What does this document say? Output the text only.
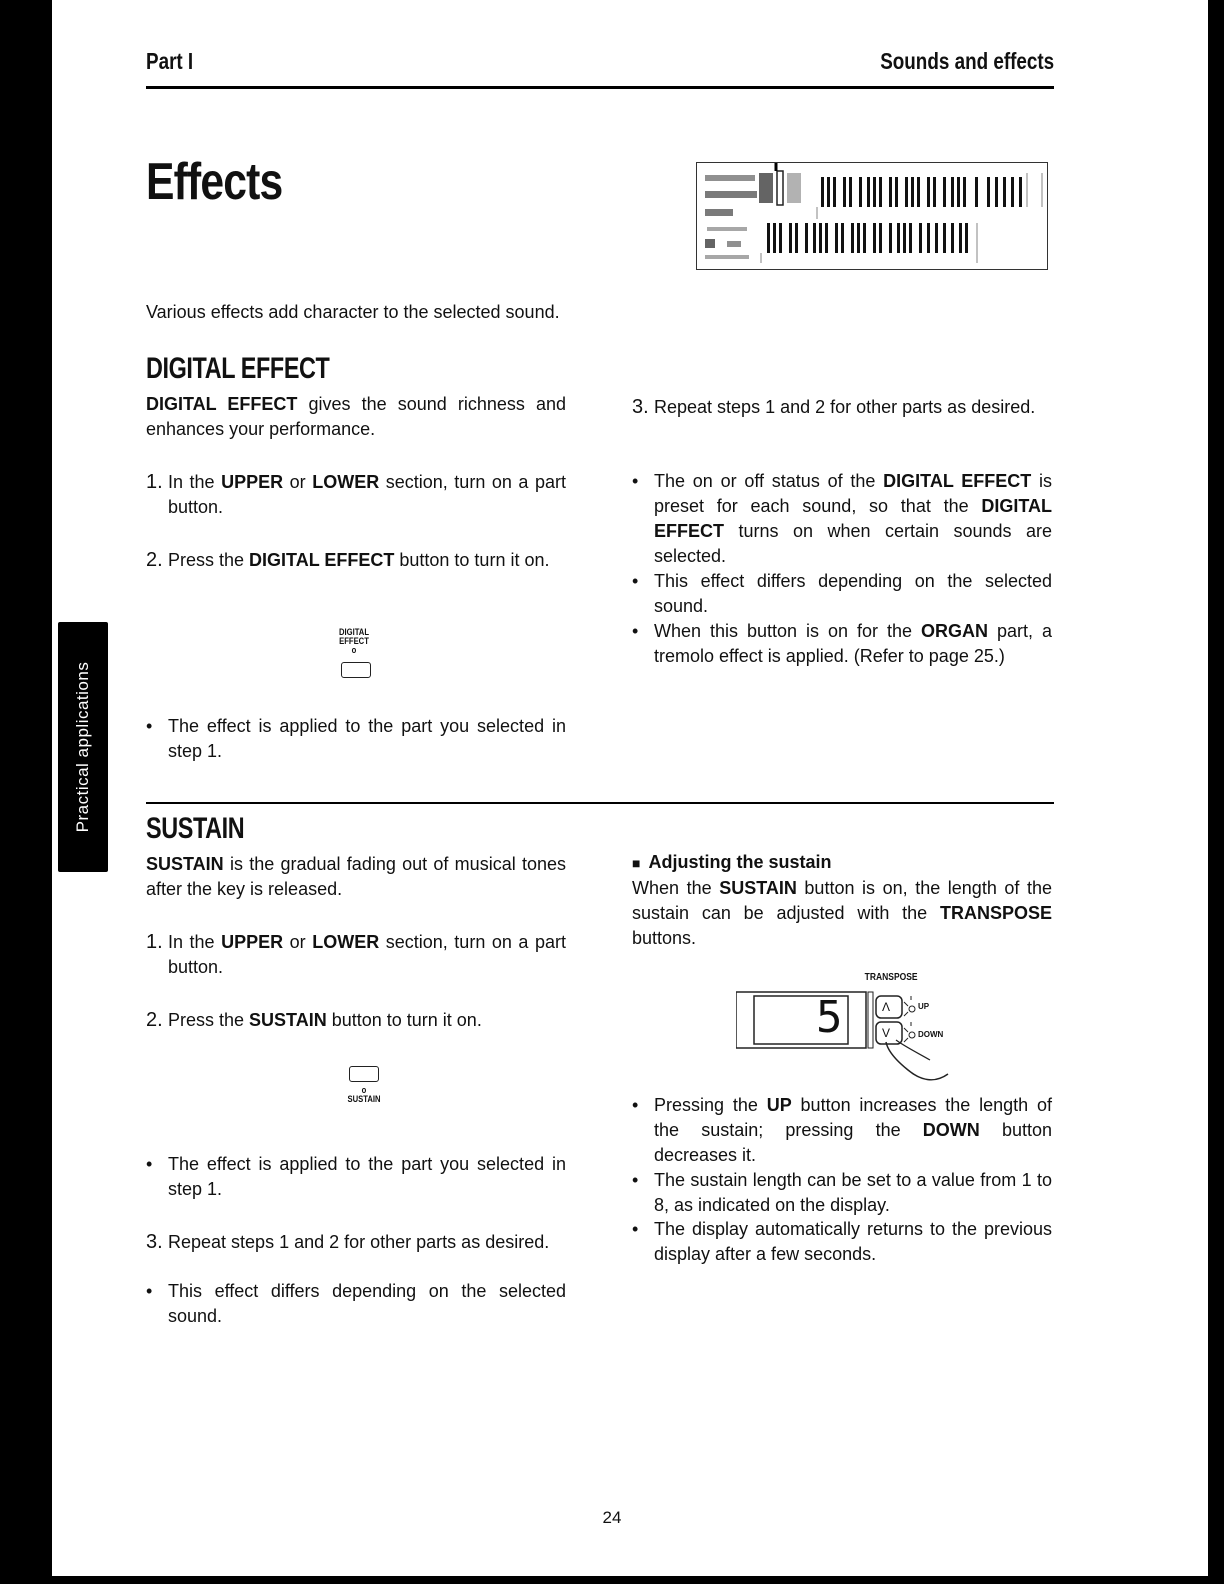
Practical applications
Part I	Sounds and effects
Effects
Various effects add character to the selected sound.
DIGITAL EFFECT
DIGITAL EFFECT gives the sound richness and enhances your performance.
1. In the UPPER or LOWER section, turn on a part button.
2. Press the DIGITAL EFFECT button to turn it on.
DIGITAL
EFFECT
o
• The effect is applied to the part you selected in step 1.
3. Repeat steps 1 and 2 for other parts as desired.
• The on or off status of the DIGITAL EFFECT is preset for each sound, so that the DIGITAL EFFECT turns on when certain sounds are selected.
• This effect differs depending on the selected sound.
• When this button is on for the ORGAN part, a tremolo effect is applied. (Refer to page 25.)
SUSTAIN
SUSTAIN is the gradual fading out of musical tones after the key is released.
1. In the UPPER or LOWER section, turn on a part button.
2. Press the SUSTAIN button to turn it on.
o
SUSTAIN
• The effect is applied to the part you selected in step 1.
3. Repeat steps 1 and 2 for other parts as desired.
• This effect differs depending on the selected sound.
■ Adjusting the sustain
When the SUSTAIN button is on, the length of the sustain can be adjusted with the TRANSPOSE buttons.
TRANSPOSE
5	Λ
V
UP
DOWN
• Pressing the UP button increases the length of the sustain; pressing the DOWN button decreases it.
• The sustain length can be set to a value from 1 to 8, as indicated on the display.
• The display automatically returns to the previous display after a few seconds.
24
